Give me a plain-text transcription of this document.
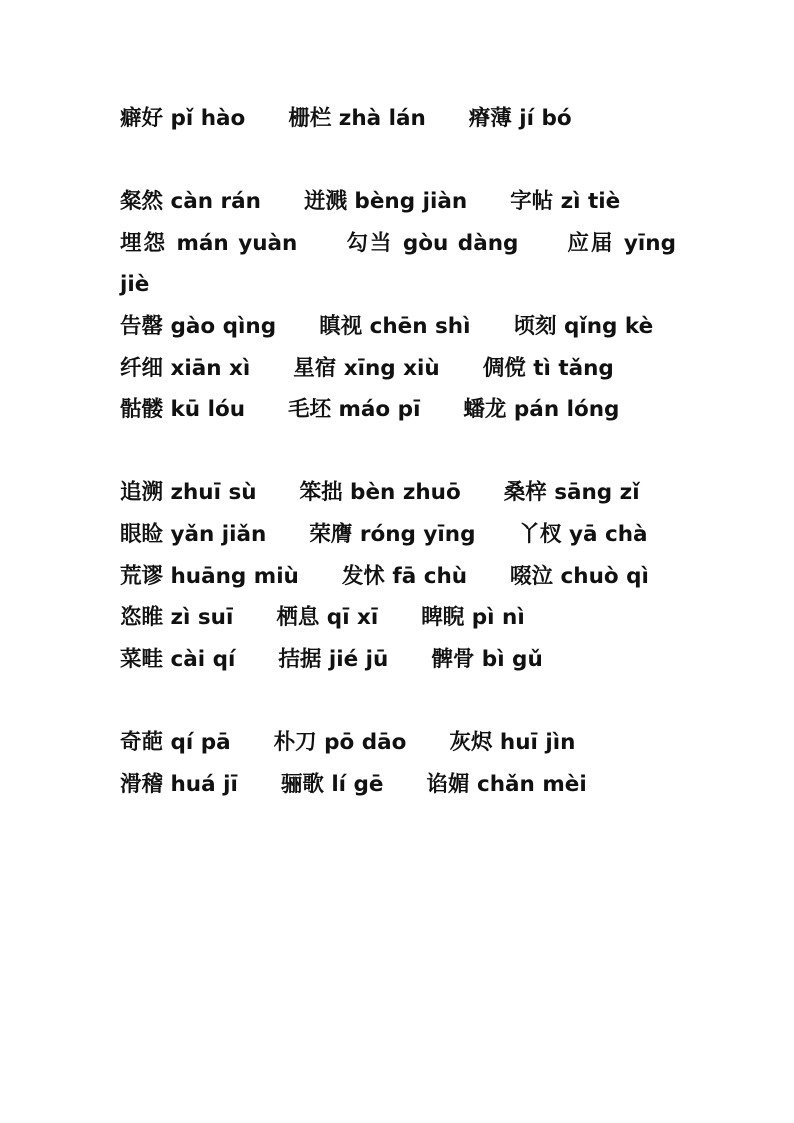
癖好 pǐ hào　　栅栏 zhà lán　　瘠薄 jí bó

粲然 càn rán　　迸溅 bèng jiàn　　字帖 zì tiè

埋怨 mán yuàn　　勾当 gòu dàng　　应届 yīng jiè

告罄 gào qìng　　瞋视 chēn shì　　顷刻 qǐng kè

纤细 xiān xì　　星宿 xīng xiù　　倜傥 tì tǎng

骷髅 kū lóu　　毛坯 máo pī　　蟠龙 pán lóng

追溯 zhuī sù　　笨拙 bèn zhuō　　桑梓 sāng zǐ

眼睑 yǎn jiǎn　　荣膺 róng yīng　　丫杈 yā chà

荒谬 huāng miù　　发怵 fā chù　　啜泣 chuò qì

恣睢 zì suī　　栖息 qī xī　　睥睨 pì nì

菜畦 cài qí　　拮据 jié jū　　髀骨 bì gǔ

奇葩 qí pā　　朴刀 pō dāo　　灰烬 huī jìn

滑稽 huá jī　　骊歌 lí gē　　谄媚 chǎn mèi
